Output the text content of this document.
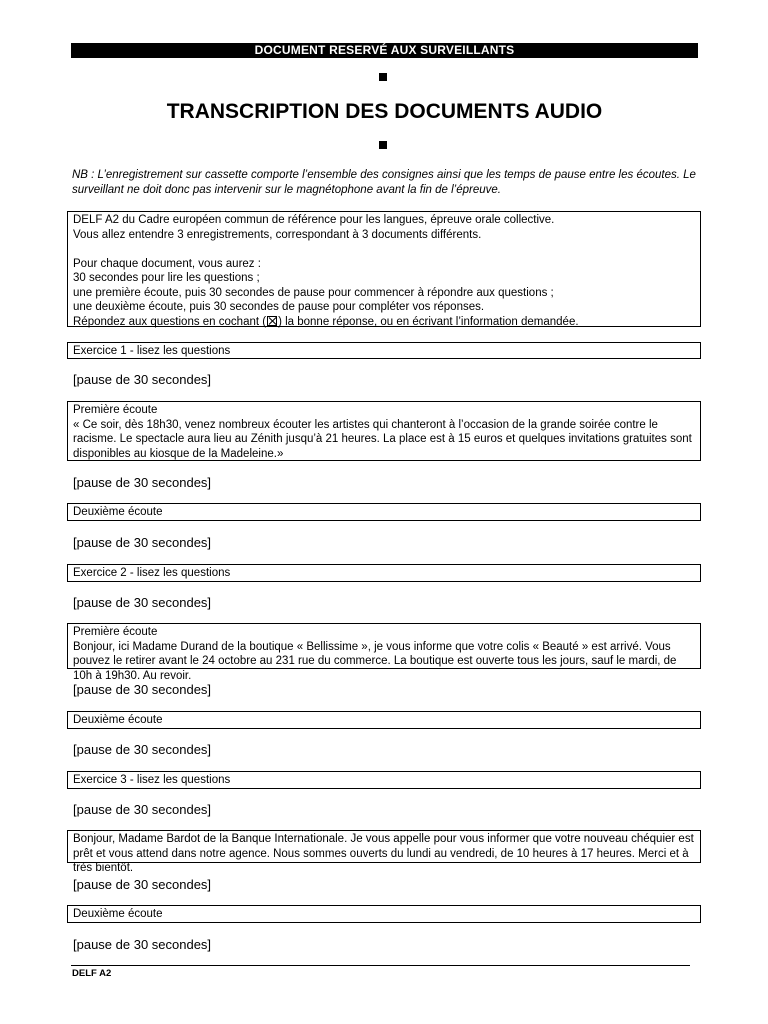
DOCUMENT RESERVÉ AUX SURVEILLANTS
TRANSCRIPTION DES DOCUMENTS AUDIO
NB : L’enregistrement sur cassette comporte l’ensemble des consignes ainsi que les temps de pause entre les écoutes. Le surveillant ne doit donc pas intervenir sur le magnétophone avant la fin de l’épreuve.

DELF A2 du Cadre européen commun de référence pour les langues, épreuve orale collective.

Vous allez entendre 3 enregistrements, correspondant à 3 documents différents.

Pour chaque document, vous aurez :

30 secondes pour lire les questions ;

une première écoute, puis 30 secondes de pause pour commencer à répondre aux questions ;

une deuxième écoute, puis 30 secondes de pause pour compléter vos réponses.

Répondez aux questions en cochant ( ) la bonne réponse, ou en écrivant l’information demandée.

Exercice 1 - lisez les questions

[pause de 30 secondes]

Première écoute

« Ce soir, dès 18h30, venez nombreux écouter les artistes qui chanteront à l’occasion de la grande soirée contre le racisme. Le spectacle aura lieu au Zénith jusqu’à 21 heures. La place est à 15 euros et quelques invitations gratuites sont disponibles au kiosque de la Madeleine.»

[pause de 30 secondes]

Deuxième écoute

[pause de 30 secondes]

Exercice 2 - lisez les questions

[pause de 30 secondes]

Première écoute

Bonjour, ici Madame Durand de la boutique « Bellissime », je vous informe que votre colis « Beauté » est arrivé. Vous pouvez le retirer avant le 24 octobre au 231 rue du commerce. La boutique est ouverte tous les jours, sauf le mardi, de 10h à 19h30. Au revoir.

[pause de 30 secondes]

Deuxième écoute

[pause de 30 secondes]

Exercice 3 - lisez les questions

[pause de 30 secondes]

Bonjour, Madame Bardot de la Banque Internationale. Je vous appelle pour vous informer que votre nouveau chéquier est prêt et vous attend dans notre agence. Nous sommes ouverts du lundi au vendredi, de 10 heures à 17 heures. Merci et à très bientôt.

[pause de 30 secondes]

Deuxième écoute

[pause de 30 secondes]
DELF A2
